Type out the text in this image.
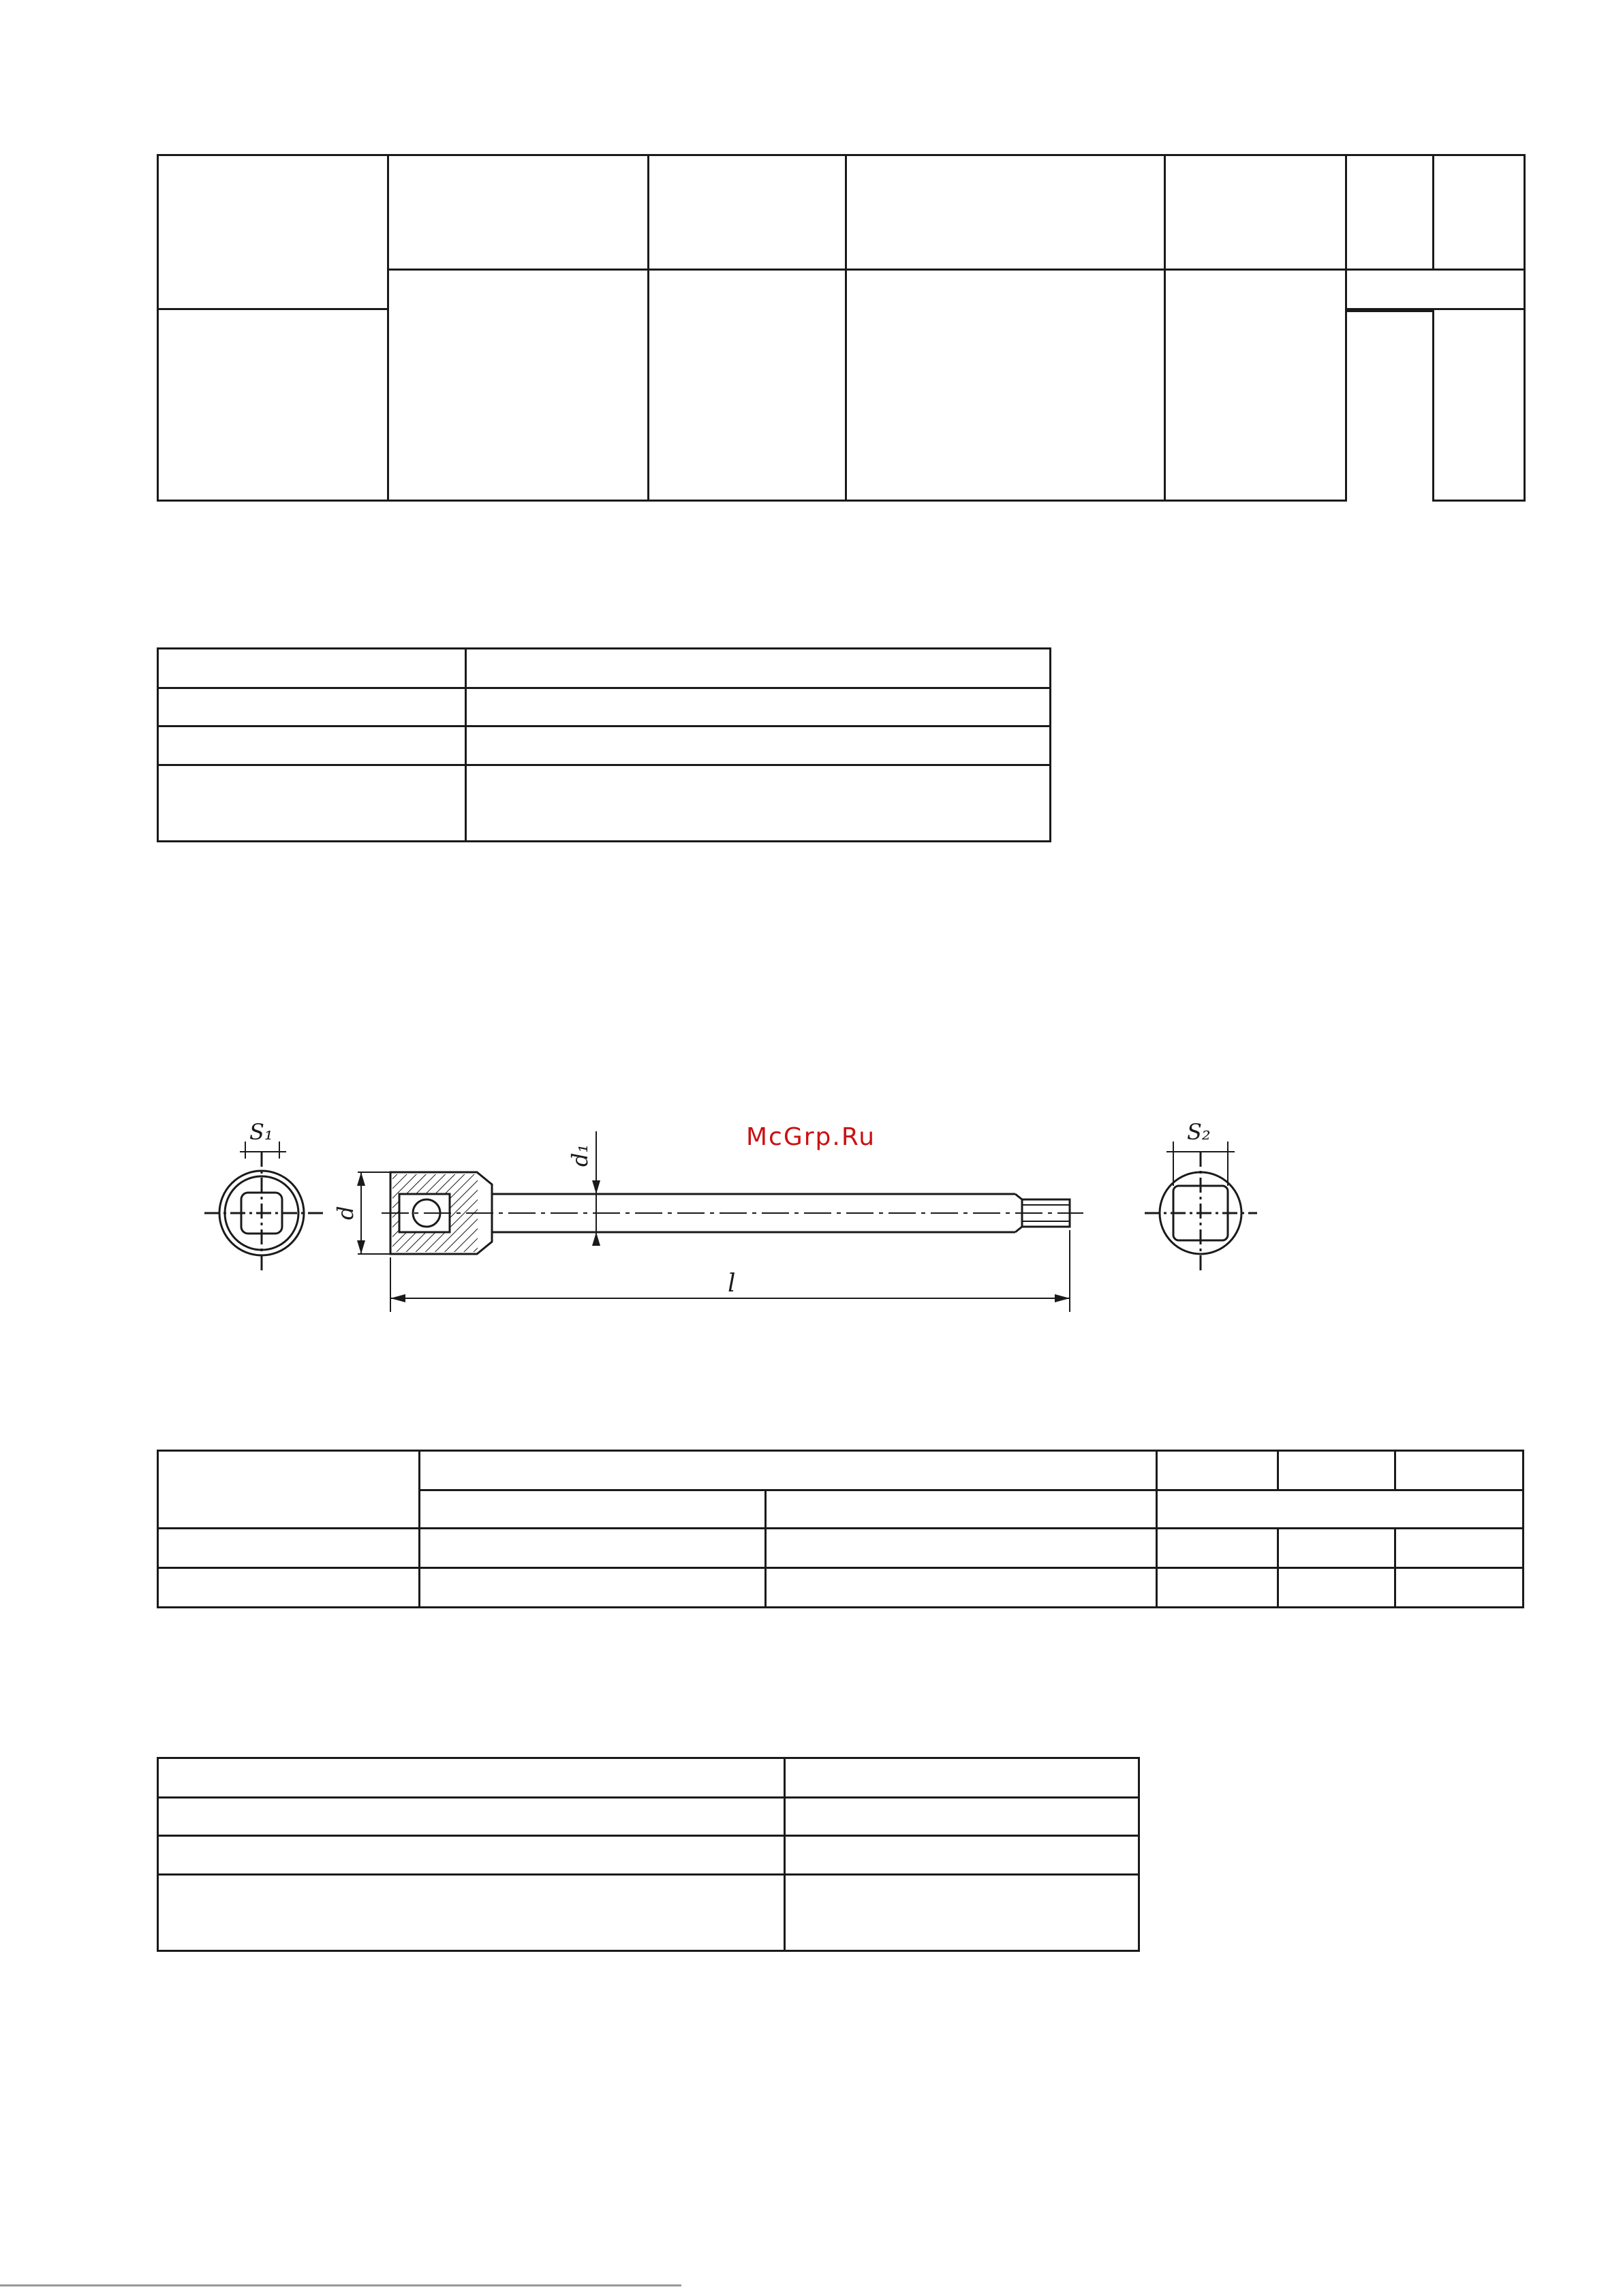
S₁
d
d₁
l
S₂
McGrp.Ru
